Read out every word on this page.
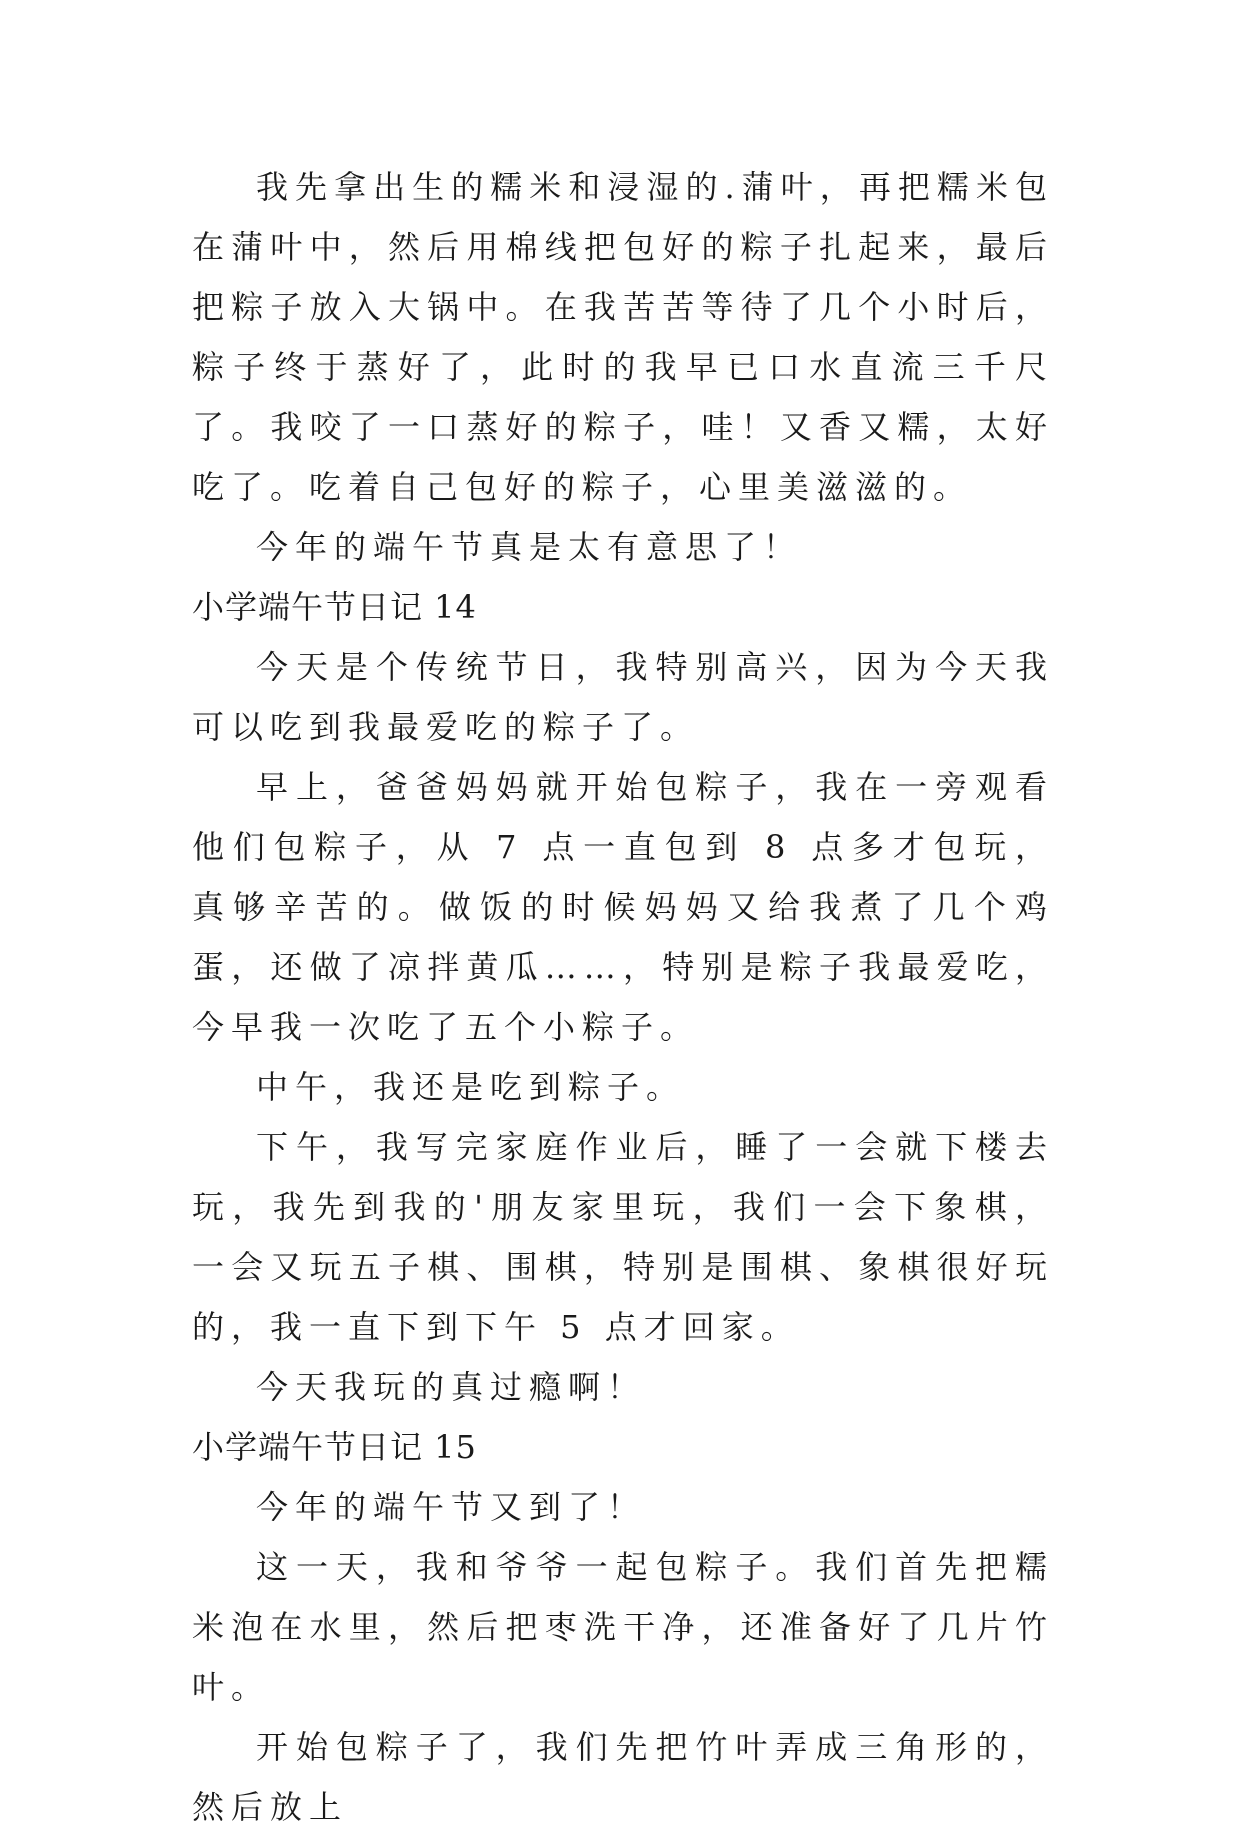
我先拿出生的糯米和浸湿的.蒲叶，再把糯米包在蒲叶中，然后用棉线把包好的粽子扎起来，最后把粽子放入大锅中。在我苦苦等待了几个小时后，粽子终于蒸好了，此时的我早已口水直流三千尺了。我咬了一口蒸好的粽子，哇！又香又糯，太好吃了。吃着自己包好的粽子，心里美滋滋的。

今年的端午节真是太有意思了！

小学端午节日记 14

今天是个传统节日，我特别高兴，因为今天我可以吃到我最爱吃的粽子了。

早上，爸爸妈妈就开始包粽子，我在一旁观看他们包粽子，从 7 点一直包到 8 点多才包玩，真够辛苦的。做饭的时候妈妈又给我煮了几个鸡蛋，还做了凉拌黄瓜……，特别是粽子我最爱吃，今早我一次吃了五个小粽子。

中午，我还是吃到粽子。

下午，我写完家庭作业后，睡了一会就下楼去玩，我先到我的'朋友家里玩，我们一会下象棋，一会又玩五子棋、围棋，特别是围棋、象棋很好玩的，我一直下到下午 5 点才回家。

今天我玩的真过瘾啊！

小学端午节日记 15

今年的端午节又到了！

这一天，我和爷爷一起包粽子。我们首先把糯米泡在水里，然后把枣洗干净，还准备好了几片竹叶。

开始包粽子了，我们先把竹叶弄成三角形的，然后放上
